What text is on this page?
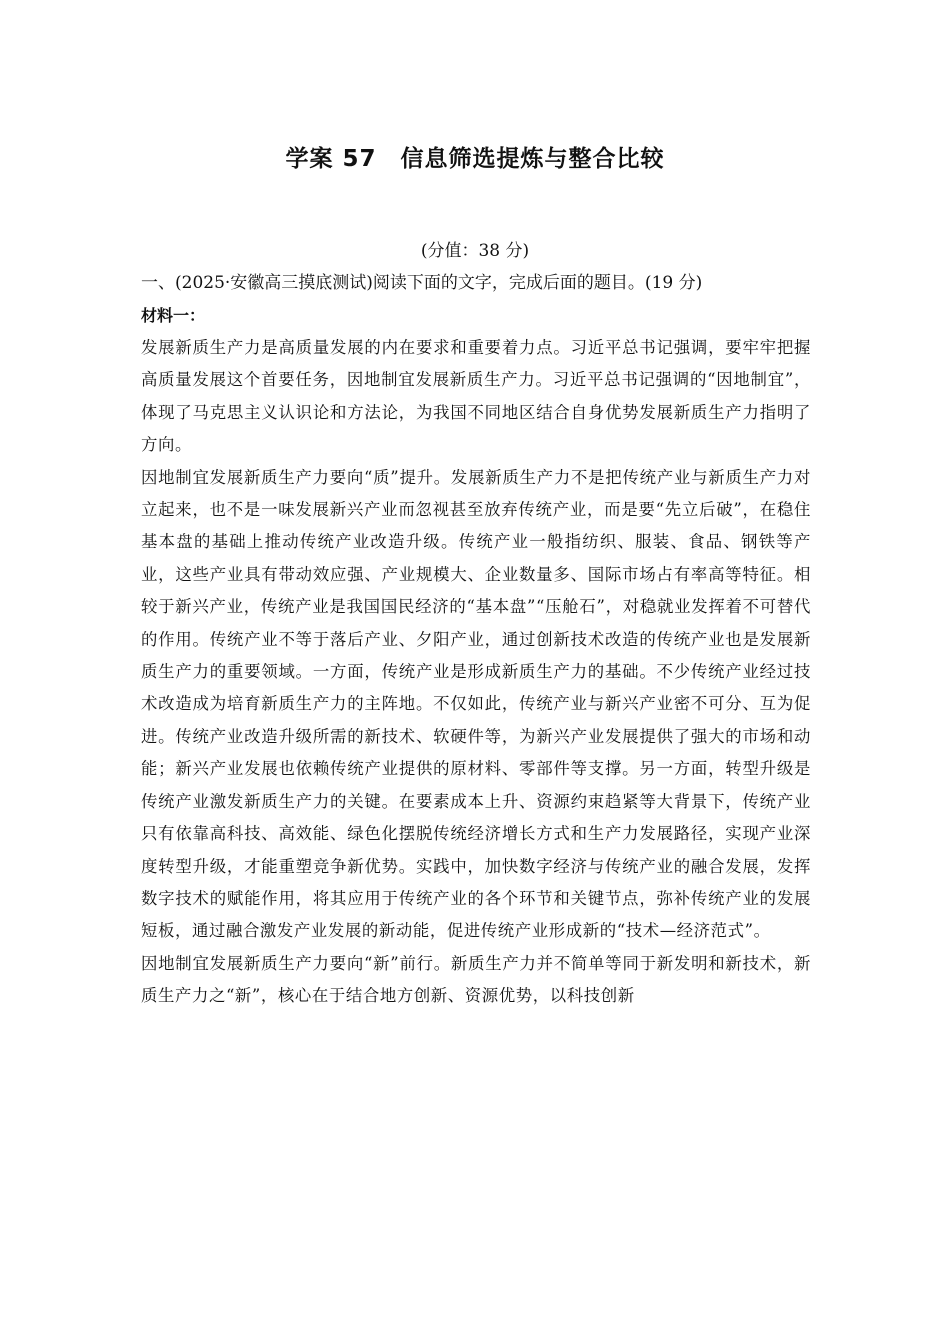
学案 57　信息筛选提炼与整合比较
(分值：38 分)
一、(2025·安徽高三摸底测试)阅读下面的文字，完成后面的题目。(19 分)
材料一：

发展新质生产力是高质量发展的内在要求和重要着力点。习近平总书记强调，要牢牢把握高质量发展这个首要任务，因地制宜发展新质生产力。习近平总书记强调的“因地制宜”，体现了马克思主义认识论和方法论，为我国不同地区结合自身优势发展新质生产力指明了方向。

因地制宜发展新质生产力要向“质”提升。发展新质生产力不是把传统产业与新质生产力对立起来，也不是一味发展新兴产业而忽视甚至放弃传统产业，而是要“先立后破”，在稳住基本盘的基础上推动传统产业改造升级。传统产业一般指纺织、服装、食品、钢铁等产业，这些产业具有带动效应强、产业规模大、企业数量多、国际市场占有率高等特征。相较于新兴产业，传统产业是我国国民经济的“基本盘”“压舱石”，对稳就业发挥着不可替代的作用。传统产业不等于落后产业、夕阳产业，通过创新技术改造的传统产业也是发展新质生产力的重要领域。一方面，传统产业是形成新质生产力的基础。不少传统产业经过技术改造成为培育新质生产力的主阵地。不仅如此，传统产业与新兴产业密不可分、互为促进。传统产业改造升级所需的新技术、软硬件等，为新兴产业发展提供了强大的市场和动能；新兴产业发展也依赖传统产业提供的原材料、零部件等支撑。另一方面，转型升级是传统产业激发新质生产力的关键。在要素成本上升、资源约束趋紧等大背景下，传统产业只有依靠高科技、高效能、绿色化摆脱传统经济增长方式和生产力发展路径，实现产业深度转型升级，才能重塑竞争新优势。实践中，加快数字经济与传统产业的融合发展，发挥数字技术的赋能作用，将其应用于传统产业的各个环节和关键节点，弥补传统产业的发展短板，通过融合激发产业发展的新动能，促进传统产业形成新的“技术—经济范式”。

因地制宜发展新质生产力要向“新”前行。新质生产力并不简单等同于新发明和新技术，新质生产力之“新”，核心在于结合地方创新、资源优势，以科技创新
